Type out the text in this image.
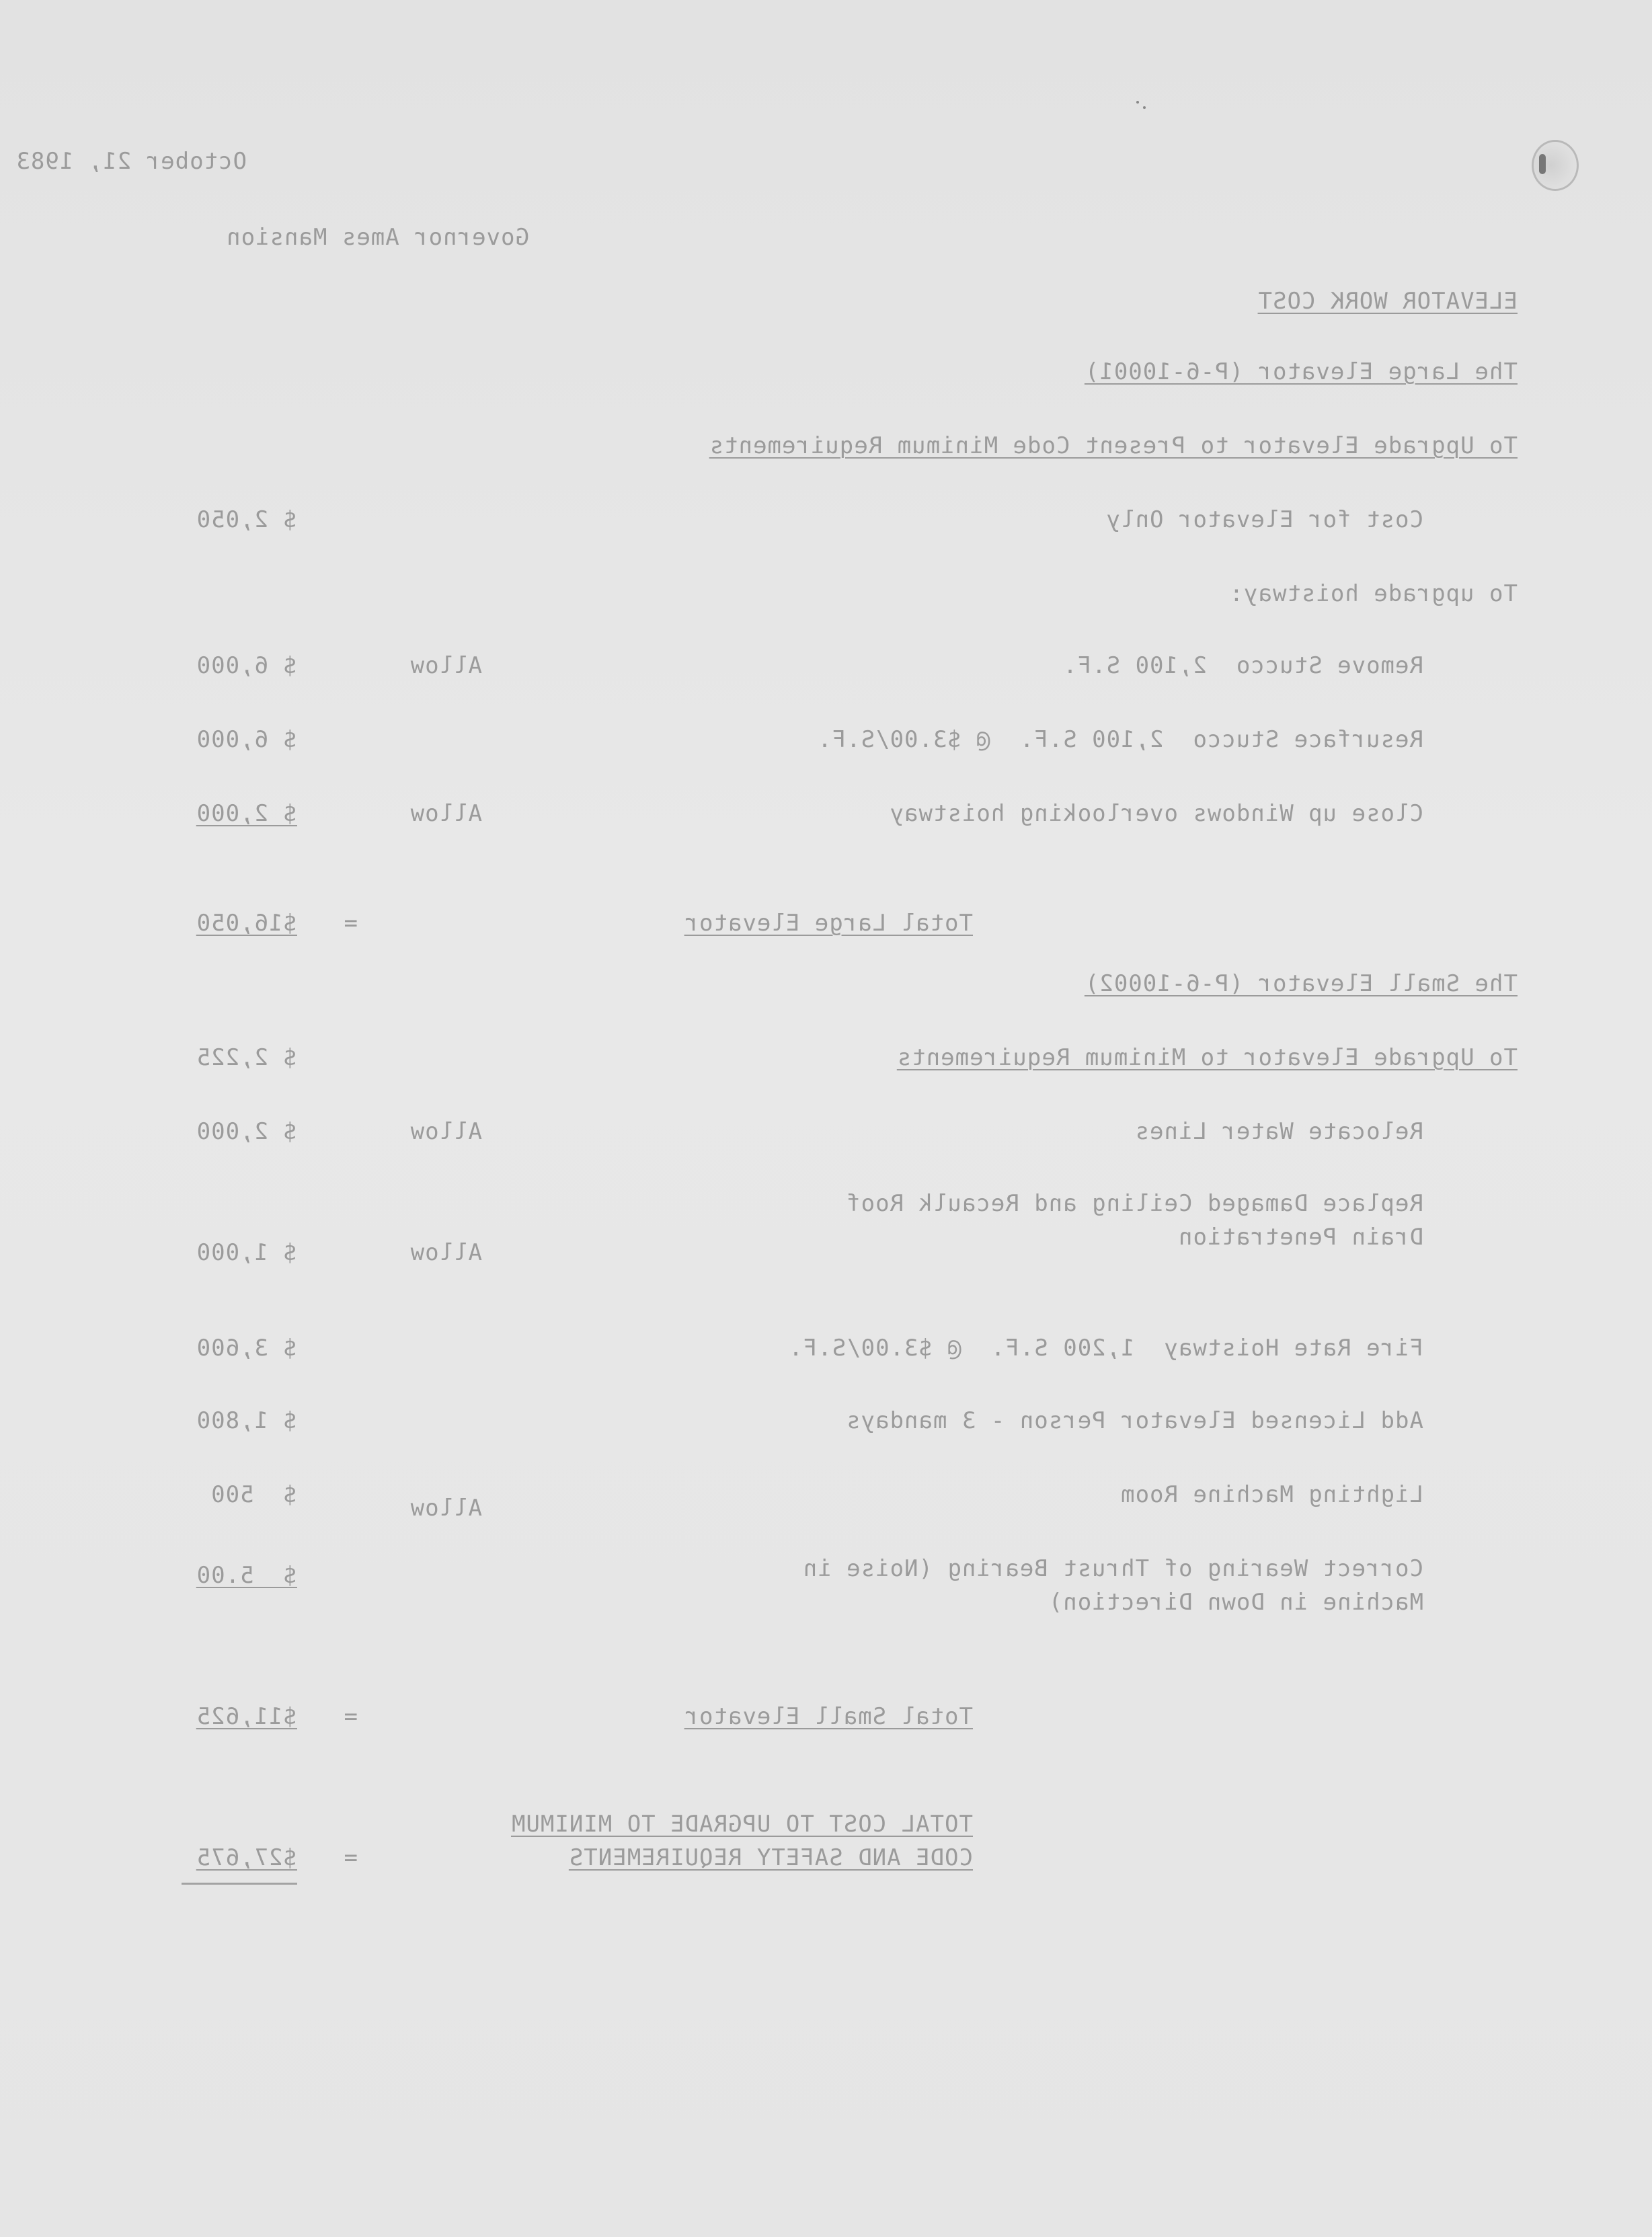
October 21, 1983
Governor Ames Mansion
ELEVATOR WORK COST
The Large Elevator (P-6-10001)
To Upgrade Elevator to Present Code Minimum Requirements
Cost for Elevator Only
$ 2,050
To upgrade hoistway:
Remove Stucco  2,100 S.F.
Allow
$ 6,000
Resurface Stucco  2,100 S.F.  @ $3.00/S.F.
$ 6,000
Close up Windows overlooking hoistway
Allow
$ 2,000
Total Large Elevator
=
$16,050
The Small Elevator (P-6-10002)
To Upgrade Elevator to Minimum Requirements
$ 2,225
Relocate Water Lines
Allow
$ 2,000
Replace Damaged Ceiling and Recaulk Roof
Drain Penetration
Allow
$ 1,000
Fire Rate Hoistway  1,200 S.F.  @ $3.00/S.F.
$ 3,600
Add Licensed Elevator Person - 3 mandays
$ 1,800
Lighting Machine Room
Allow
$  500
Correct Wearing of Thrust Bearing (Noise in
Machine in Down Direction)
$  5.00
Total Small Elevator
=
$11,625
TOTAL COST TO UPGRADE TO MINIMUM
CODE AND SAFETY REQUIREMENTS
=
$27,675
